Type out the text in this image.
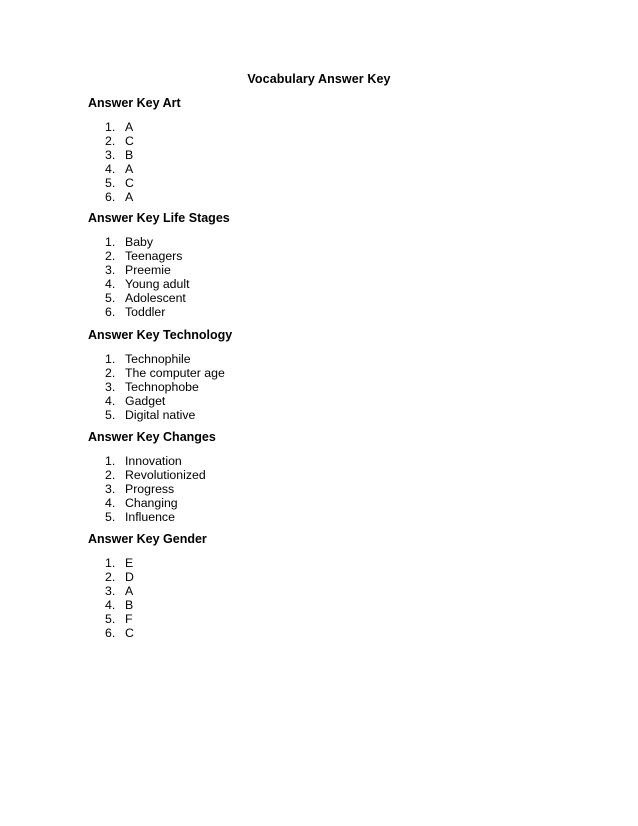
Vocabulary Answer Key
Answer Key Art
1. A
2. C
3. B
4. A
5. C
6. A
Answer Key Life Stages
1. Baby
2. Teenagers
3. Preemie
4. Young adult
5. Adolescent
6. Toddler
Answer Key Technology
1. Technophile
2. The computer age
3. Technophobe
4. Gadget
5. Digital native
Answer Key Changes
1. Innovation
2. Revolutionized
3. Progress
4. Changing
5. Influence
Answer Key Gender
1. E
2. D
3. A
4. B
5. F
6. C
